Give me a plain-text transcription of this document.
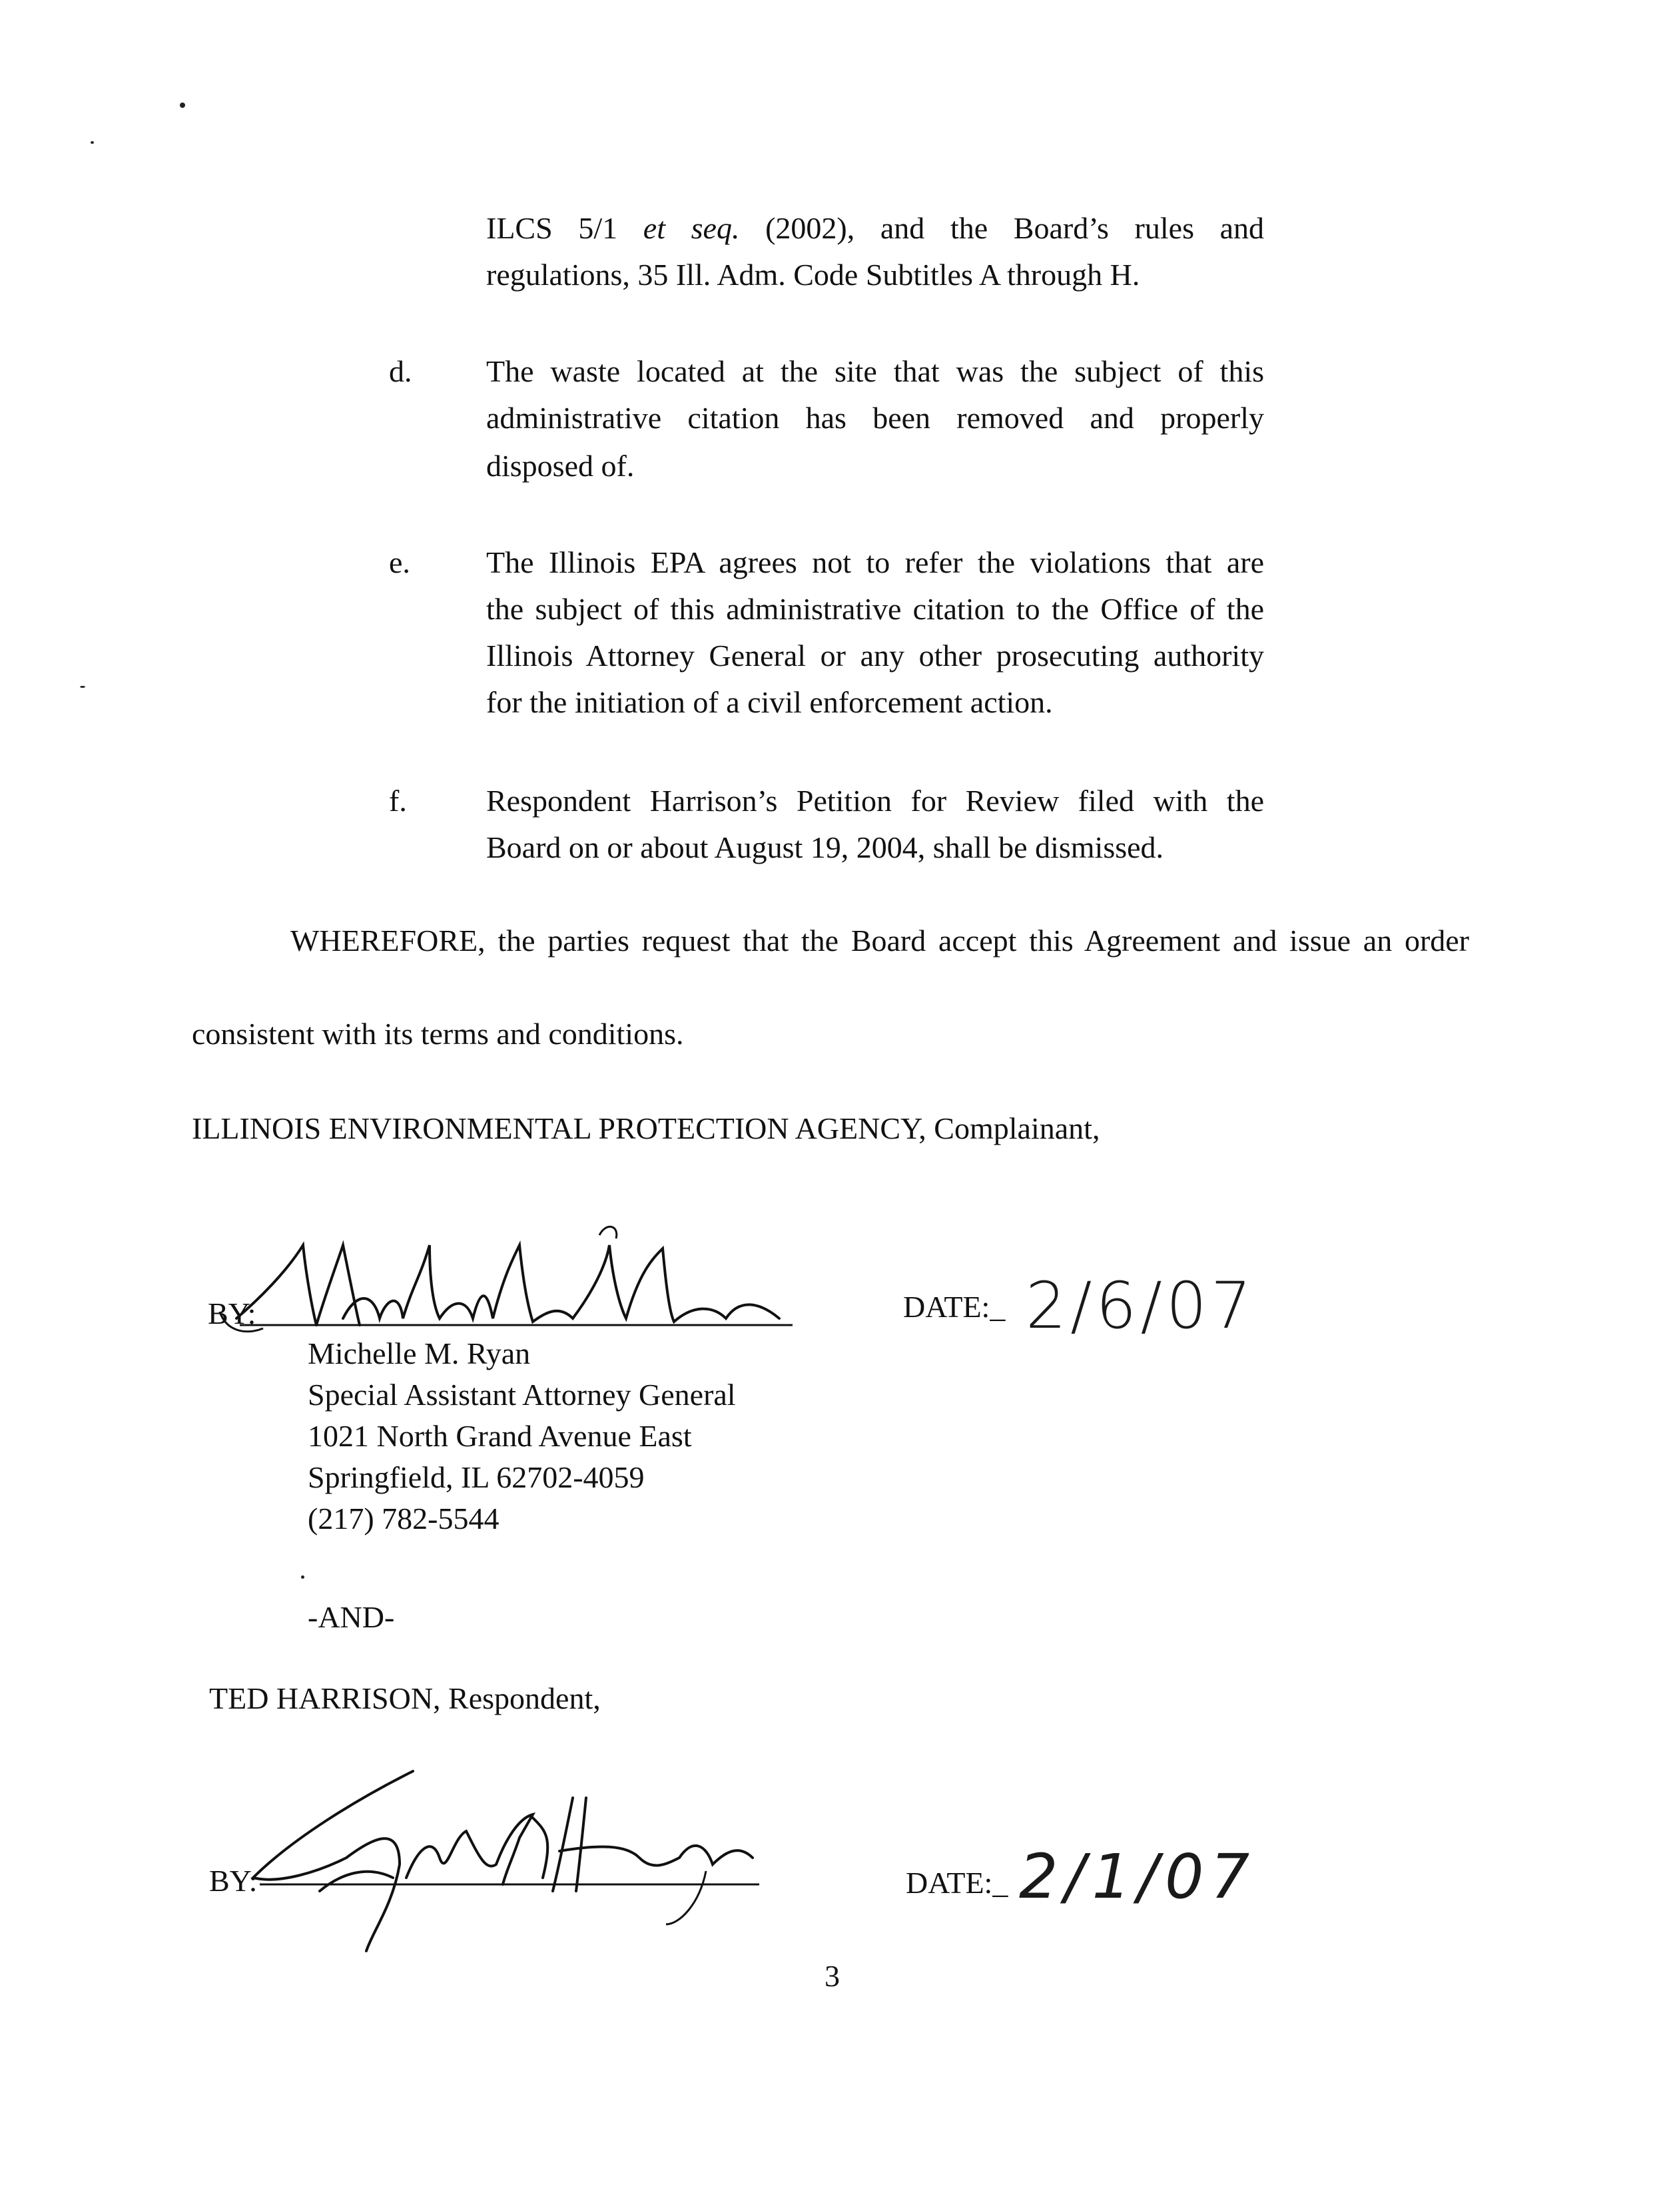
ILCS 5/1 et seq. (2002), and the Board’s rules and
regulations, 35 Ill. Adm. Code Subtitles A through H.
d. The waste located at the site that was the subject of this
administrative citation has been removed and properly
disposed of.
e. The Illinois EPA agrees not to refer the violations that are
the subject of this administrative citation to the Office of the
Illinois Attorney General or any other prosecuting authority
for the initiation of a civil enforcement action.
f.	Respondent Harrison’s Petition for Review filed with the
Board on or about August 19, 2004, shall be dismissed.
WHEREFORE, the parties request that the Board accept this Agreement and issue an order
consistent with its terms and conditions.
ILLINOIS ENVIRONMENTAL PROTECTION AGENCY, Complainant,
BY:	DATE:_ 2/6/07
Michelle M. Ryan
Special Assistant Attorney General
1021 North Grand Avenue East
Springfield, IL 62702-4059
(217) 782-5544
-AND-
TED HARRISON, Respondent,
BY:	DATE:_ 2/1/07
3
